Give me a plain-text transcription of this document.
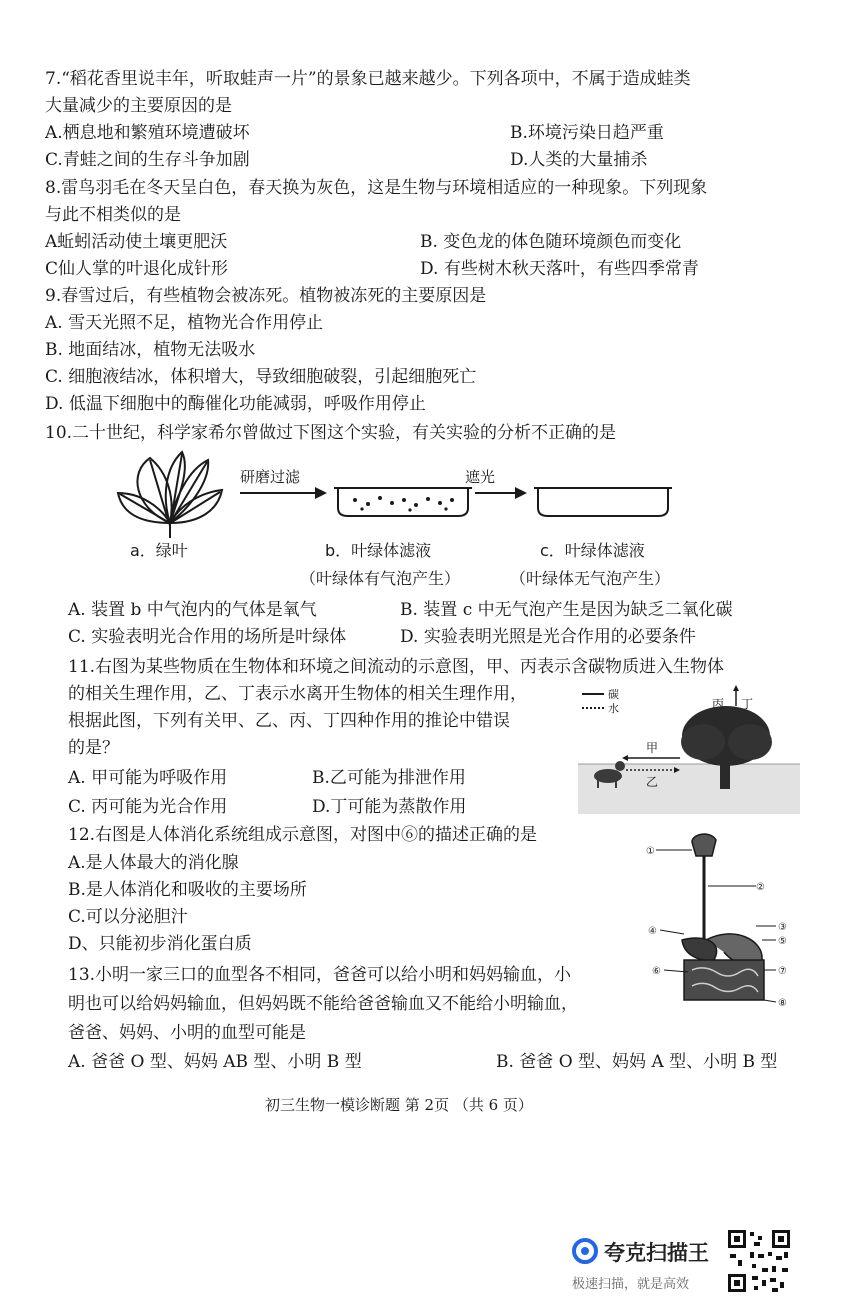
7.“稻花香里说丰年，听取蛙声一片”的景象已越来越少。下列各项中，不属于造成蛙类
大量减少的主要原因的是
A.栖息地和繁殖环境遭破坏	B.环境污染日趋严重
C.青蛙之间的生存斗争加剧	D.人类的大量捕杀
8.雷鸟羽毛在冬天呈白色，春天换为灰色，这是生物与环境相适应的一种现象。下列现象
与此不相类似的是
A蚯蚓活动使土壤更肥沃	B. 变色龙的体色随环境颜色而变化
C仙人掌的叶退化成针形	D. 有些树木秋天落叶，有些四季常青
9.春雪过后，有些植物会被冻死。植物被冻死的主要原因是
A. 雪天光照不足，植物光合作用停止
B. 地面结冰，植物无法吸水
C. 细胞液结冰，体积增大，导致细胞破裂，引起细胞死亡
D. 低温下细胞中的酶催化功能减弱，呼吸作用停止
10.二十世纪，科学家希尔曾做过下图这个实验，有关实验的分析不正确的是
研磨过滤	遮光
a．绿叶	b．叶绿体滤液
（叶绿体有气泡产生）
c．叶绿体滤液
（叶绿体无气泡产生）
A. 装置 b 中气泡内的气体是氧气	B. 装置 c 中无气泡产生是因为缺乏二氧化碳
C. 实验表明光合作用的场所是叶绿体	D. 实验表明光照是光合作用的必要条件
11.右图为某些物质在生物体和环境之间流动的示意图，甲、丙表示含碳物质进入生物体
的相关生理作用，乙、丁表示水离开生物体的相关生理作用，
根据此图，下列有关甲、乙、丙、丁四种作用的推论中错误
的是？
A. 甲可能为呼吸作用	B.乙可能为排泄作用
C. 丙可能为光合作用	D.丁可能为蒸散作用
碳
水	丙 丁
甲
乙
12.右图是人体消化系统组成示意图，对图中⑥的描述正确的是
A.是人体最大的消化腺
B.是人体消化和吸收的主要场所
C.可以分泌胆汁
D、只能初步消化蛋白质
①
②
③
④
⑤
⑥	⑦
⑧
13.小明一家三口的血型各不相同，爸爸可以给小明和妈妈输血，小
明也可以给妈妈输血，但妈妈既不能给爸爸输血又不能给小明输血，
爸爸、妈妈、小明的血型可能是
A. 爸爸 O 型、妈妈 AB 型、小明 B 型	B. 爸爸 O 型、妈妈 A 型、小明 B 型
初三生物一模诊断题 第 2页 （共 6 页）
夸克扫描王
极速扫描，就是高效
